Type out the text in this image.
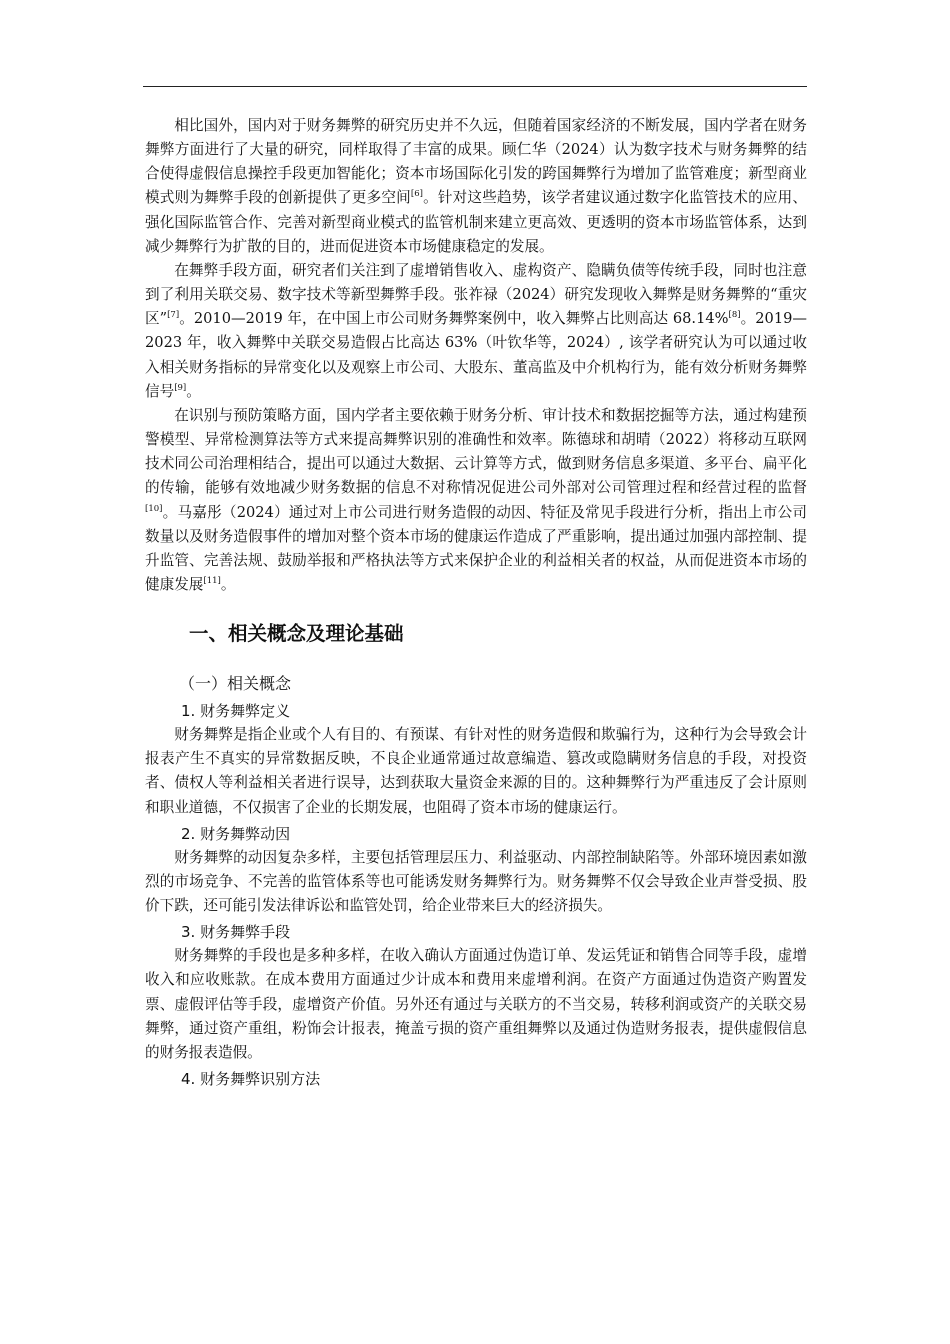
相比国外，国内对于财务舞弊的研究历史并不久远，但随着国家经济的不断发展，国内学者在财务舞弊方面进行了大量的研究，同样取得了丰富的成果。顾仁华（2024）认为数字技术与财务舞弊的结合使得虚假信息操控手段更加智能化；资本市场国际化引发的跨国舞弊行为增加了监管难度；新型商业模式则为舞弊手段的创新提供了更多空间[6]。针对这些趋势，该学者建议通过数字化监管技术的应用、强化国际监管合作、完善对新型商业模式的监管机制来建立更高效、更透明的资本市场监管体系，达到减少舞弊行为扩散的目的，进而促进资本市场健康稳定的发展。

在舞弊手段方面，研究者们关注到了虚增销售收入、虚构资产、隐瞒负债等传统手段，同时也注意到了利用关联交易、数字技术等新型舞弊手段。张祚禄（2024）研究发现收入舞弊是财务舞弊的“重灾区”[7]。2010—2019 年，在中国上市公司财务舞弊案例中，收入舞弊占比则高达 68.14%[8]。2019—2023 年，收入舞弊中关联交易造假占比高达 63%（叶钦华等，2024）, 该学者研究认为可以通过收入相关财务指标的异常变化以及观察上市公司、大股东、董高监及中介机构行为，能有效分析财务舞弊信号[9]。

在识别与预防策略方面，国内学者主要依赖于财务分析、审计技术和数据挖掘等方法，通过构建预警模型、异常检测算法等方式来提高舞弊识别的准确性和效率。陈德球和胡晴（2022）将移动互联网技术同公司治理相结合，提出可以通过大数据、云计算等方式，做到财务信息多渠道、多平台、扁平化的传输，能够有效地减少财务数据的信息不对称情况促进公司外部对公司管理过程和经营过程的监督[10]。马嘉彤（2024）通过对上市公司进行财务造假的动因、特征及常见手段进行分析，指出上市公司数量以及财务造假事件的增加对整个资本市场的健康运作造成了严重影响，提出通过加强内部控制、提升监管、完善法规、鼓励举报和严格执法等方式来保护企业的利益相关者的权益，从而促进资本市场的健康发展[11]。

一、相关概念及理论基础
（一）相关概念
1. 财务舞弊定义

财务舞弊是指企业或个人有目的、有预谋、有针对性的财务造假和欺骗行为，这种行为会导致会计报表产生不真实的异常数据反映，不良企业通常通过故意编造、篡改或隐瞒财务信息的手段，对投资者、债权人等利益相关者进行误导，达到获取大量资金来源的目的。这种舞弊行为严重违反了会计原则和职业道德，不仅损害了企业的长期发展，也阻碍了资本市场的健康运行。

2. 财务舞弊动因

财务舞弊的动因复杂多样，主要包括管理层压力、利益驱动、内部控制缺陷等。外部环境因素如激烈的市场竞争、不完善的监管体系等也可能诱发财务舞弊行为。财务舞弊不仅会导致企业声誉受损、股价下跌，还可能引发法律诉讼和监管处罚，给企业带来巨大的经济损失。

3. 财务舞弊手段

财务舞弊的手段也是多种多样，在收入确认方面通过伪造订单、发运凭证和销售合同等手段，虚增收入和应收账款。在成本费用方面通过少计成本和费用来虚增利润。在资产方面通过伪造资产购置发票、虚假评估等手段，虚增资产价值。另外还有通过与关联方的不当交易，转移利润或资产的关联交易舞弊，通过资产重组，粉饰会计报表，掩盖亏损的资产重组舞弊以及通过伪造财务报表，提供虚假信息的财务报表造假。

4. 财务舞弊识别方法
